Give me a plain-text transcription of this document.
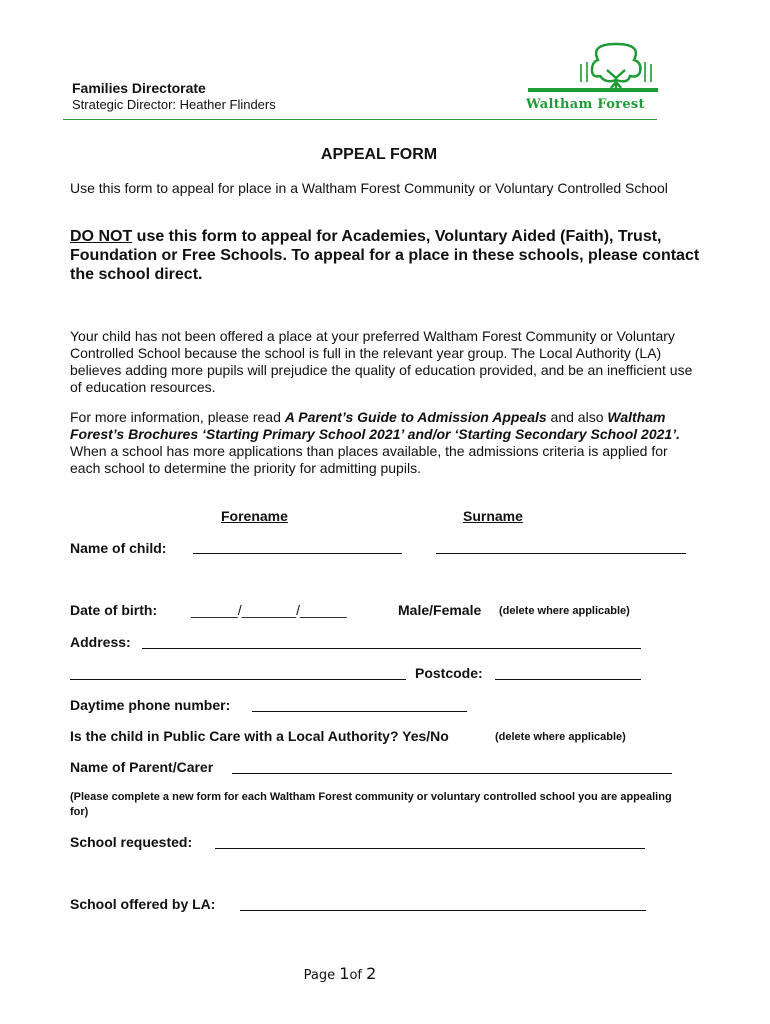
Families Directorate
Strategic Director: Heather Flinders	Waltham Forest
APPEAL FORM
Use this form to appeal for place in a Waltham Forest Community or Voluntary Controlled School
DO NOT use this form to appeal for Academies, Voluntary Aided (Faith), Trust, Foundation or Free Schools. To appeal for a place in these schools, please contact the school direct.
Your child has not been offered a place at your preferred Waltham Forest Community or Voluntary Controlled School because the school is full in the relevant year group. The Local Authority (LA) believes adding more pupils will prejudice the quality of education provided, and be an inefficient use of education resources.
For more information, please read A Parent’s Guide to Admission Appeals and also Waltham Forest’s Brochures ‘Starting Primary School 2021’ and/or ‘Starting Secondary School 2021’. When a school has more applications than places available, the admissions criteria is applied for each school to determine the priority for admitting pupils.
Forename	Surname
Name of child:
Date of birth: ______/_______/______	Male/Female (delete where applicable)
Address:
Postcode:
Daytime phone number:
Is the child in Public Care with a Local Authority? Yes/No	(delete where applicable)
Name of Parent/Carer
(Please complete a new form for each Waltham Forest community or voluntary controlled school you are appealing for)
School requested:
School offered by LA:
Page 1of 2
